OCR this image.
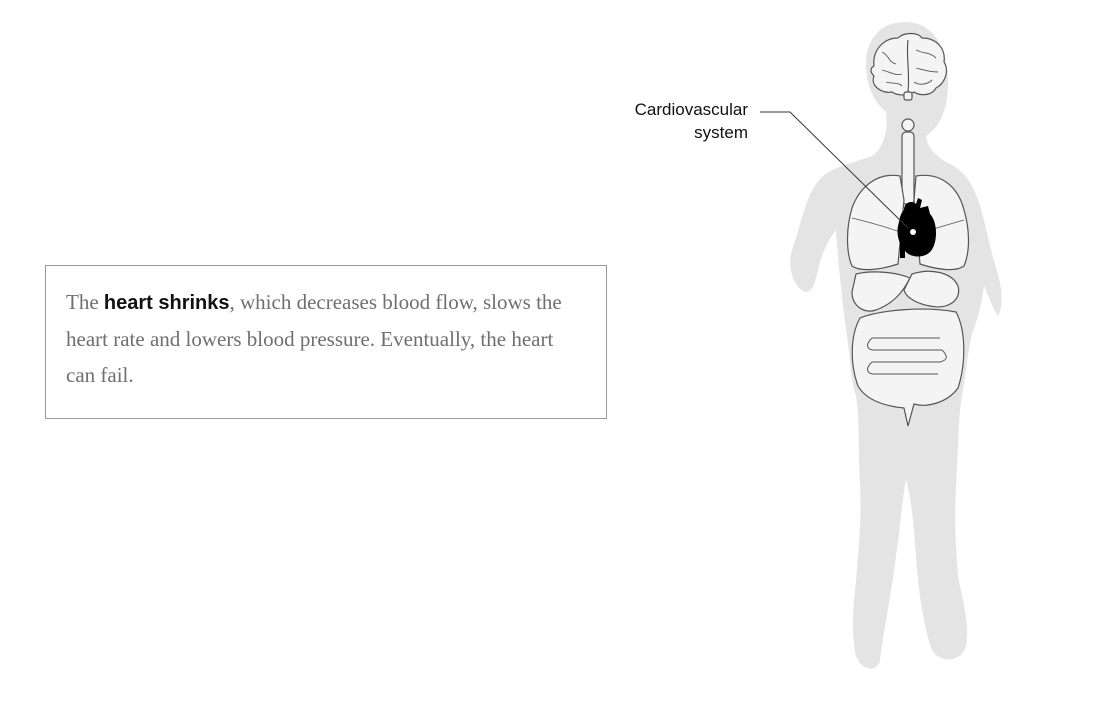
Cardiovascular
system

The heart shrinks, which decreases blood flow, slows the heart rate and lowers blood pressure. Eventually, the heart can fail.
